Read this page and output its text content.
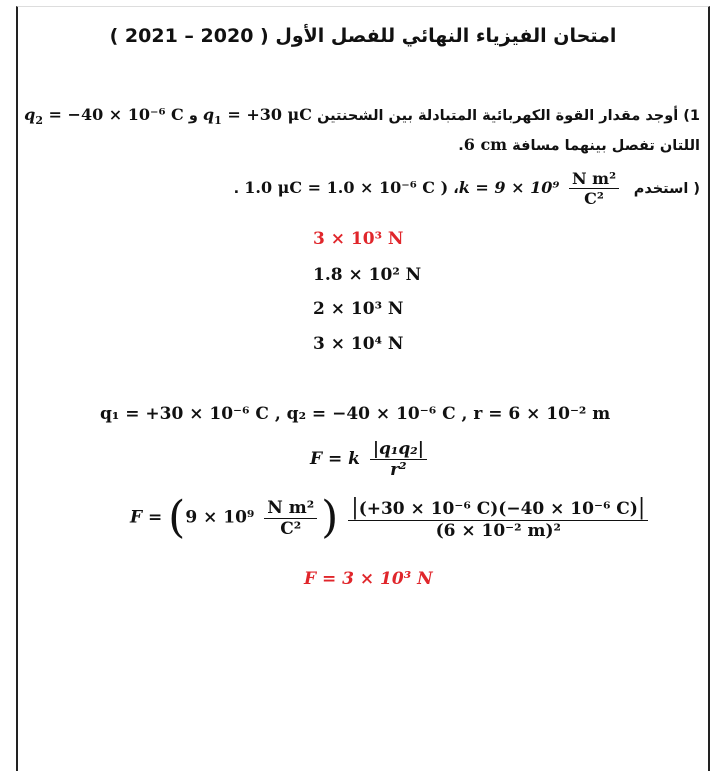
امتحان الفيزياء النهائي للفصل الأول ( 2020 – 2021 )
1) أوجد مقدار القوة الكهربائية المتبادلة بين الشحنتين $q_1 = +30$ μC و $q_2 = -40 \times 10^{-6}$ C
اللتان تفصل بينهما مسافة 6 cm.
( استخدم $k = 9 \times 10^9 \frac{\text{N m²}}{\text{C²}}$
، 1.0 μC = 1.0 × 10⁻⁶ C ) .
3 × 10³ N
1.8 × 10² N
2 × 10³ N
3 × 10⁴ N
q₁ = +30 × 10⁻⁶ C , q₂ = −40 × 10⁻⁶ C , r = 6 × 10⁻² m
F = k $\frac{\text{|q₁q₂|}}{\text{r²}}$
$F = (9 \times 10^9 \frac{\text{N m²}}{\text{C²}}$ ) $\frac{\text{|(+30 × 10⁻⁶ C)(−40 × 10⁻⁶ C)|}}{\text{(6 × 10⁻² m)²}}$
F = 3 × 10³ N
